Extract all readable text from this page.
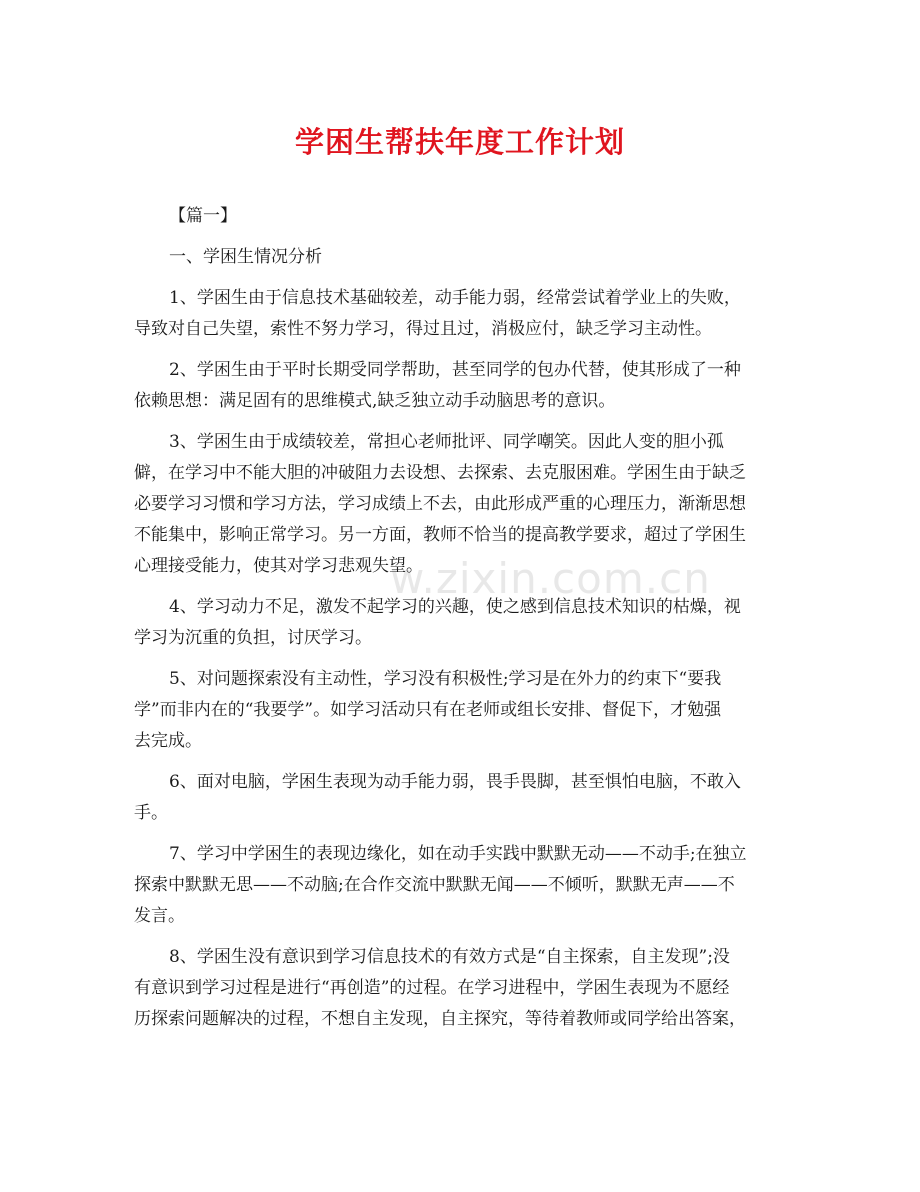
w.zixin.com.cn
学困生帮扶年度工作计划
【篇一】
一、学困生情况分析
1、学困生由于信息技术基础较差，动手能力弱，经常尝试着学业上的失败，
导致对自己失望，索性不努力学习，得过且过，消极应付，缺乏学习主动性。
2、学困生由于平时长期受同学帮助，甚至同学的包办代替，使其形成了一种
依赖思想：满足固有的思维模式,缺乏独立动手动脑思考的意识。
3、学困生由于成绩较差，常担心老师批评、同学嘲笑。因此人变的胆小孤
僻，在学习中不能大胆的冲破阻力去设想、去探索、去克服困难。学困生由于缺乏
必要学习习惯和学习方法，学习成绩上不去，由此形成严重的心理压力，渐渐思想
不能集中，影响正常学习。另一方面，教师不恰当的提高教学要求，超过了学困生
心理接受能力，使其对学习悲观失望。
4、学习动力不足，激发不起学习的兴趣，使之感到信息技术知识的枯燥，视
学习为沉重的负担，讨厌学习。
5、对问题探索没有主动性，学习没有积极性;学习是在外力的约束下“要我
学”而非内在的“我要学”。如学习活动只有在老师或组长安排、督促下，才勉强
去完成。
6、面对电脑，学困生表现为动手能力弱，畏手畏脚，甚至惧怕电脑，不敢入
手。
7、学习中学困生的表现边缘化，如在动手实践中默默无动——不动手;在独立
探索中默默无思——不动脑;在合作交流中默默无闻——不倾听，默默无声——不
发言。
8、学困生没有意识到学习信息技术的有效方式是“自主探索，自主发现”;没
有意识到学习过程是进行“再创造”的过程。在学习进程中，学困生表现为不愿经
历探索问题解决的过程，不想自主发现，自主探究，等待着教师或同学给出答案，
